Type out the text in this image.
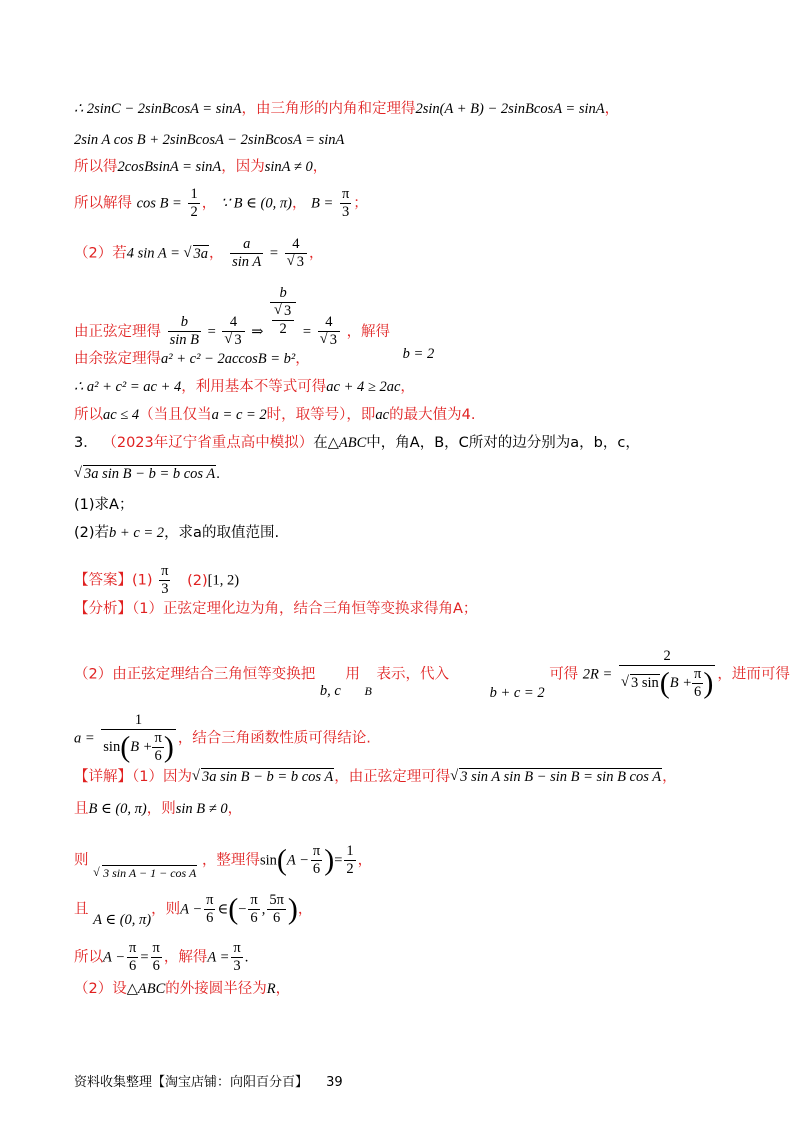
∴ 2sinC − 2sinBcosA = sinA，由三角形的内角和定理得2sin(A + B) − 2sinBcosA = sinA，
2sin A cos B + 2sinBcosA − 2sinBcosA = sinA
所以得2cosBsinA = sinA，因为sinA ≠ 0，
所以解得 $\cos B = \frac{1}{2}$ ， ∵ B ∈ (0, π)， $B = \frac{\pi}{3}$ ；
（2）若4 sin A = √ 3a， $\frac{a}{\text{sin A}} = 4$
√ 3 ，
由正弦定理得 $\frac{b}{\text{sin B}} = 4$
√ 3 ⇒ b
√ $\frac{3}{2} = 4$
√ 3 ，解得 b = 2
由余弦定理得a² + c² − 2accosB = b²，
∴ a² + c² = ac + 4，利用基本不等式可得ac + 4 ≥ 2ac，
所以ac ≤ 4（当且仅当a = c = 2时，取等号），即ac的最大值为4.
3． （2023年辽宁省重点高中模拟）在△ABC中，角A，B，C所对的边分别为a，b，c，
√ 3a sin B − b = b cos A.
(1)求A；
(2)若b + c = 2，求a的取值范围.
【答案】$(1) \frac{\pi}{3} (2)[1$, 2)
【分析】（1）正弦定理化边为角，结合三角恒等变换求得角A；
（2）由正弦定理结合三角恒等变换把 b, c 用 $_B$ 表示，代入 b + c = 2 可得 2R = 2
√ 3 $\sin(B + \frac{\pi}{6}$ ) ，进而可得
$a = \frac{1}{\sin(B + \frac{\pi}{6} )}$ ，结合三角函数性质可得结论.
【详解】（1）因为 √ 3a sin B − b = b cos A，由正弦定理可得 √ 3 sin A sin B − sin B = sin B cos A，
且B ∈ (0, π)，则sin B ≠ 0，
则 √ 3 sin A − 1 − cos A ，整理得$\sin(A - \frac{\pi}{6}$ )= $\frac{1}{2}$ ，
且 A ∈ (0, π)，则$A - \frac{\pi}{6}$ ∈(− $\frac{\pi}{6}$ , $\frac{5\pi}{6}$ )，
所以$A - \frac{\pi}{6} = \frac{\pi}{6}$ ，解得$A = \frac{\pi}{3}$ .
（2）设△ABC的外接圆半径为R，
资料收集整理【淘宝店铺：向阳百分百】 39
